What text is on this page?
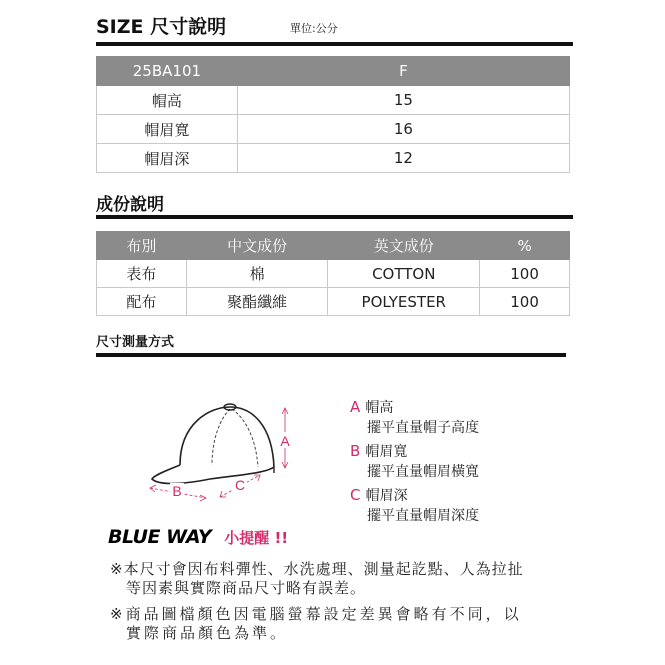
SIZE 尺寸說明	單位:公分
25BA101	F
帽高	15
帽眉寬	16
帽眉深	12
成份說明
布別	中文成份	英文成份	%
表布	棉	COTTON	100
配布	聚酯纖維	POLYESTER	100
尺寸測量方式
A
B	C
A 帽高
擺平直量帽子高度
B 帽眉寬
擺平直量帽眉橫寬
C 帽眉深
擺平直量帽眉深度
BLUE WAY 小提醒 !!
※本尺寸會因布料彈性、水洗處理、測量起訖點、人為拉扯
等因素與實際商品尺寸略有誤差。
※商品圖檔顏色因電腦螢幕設定差異會略有不同，以
實際商品顏色為準。
